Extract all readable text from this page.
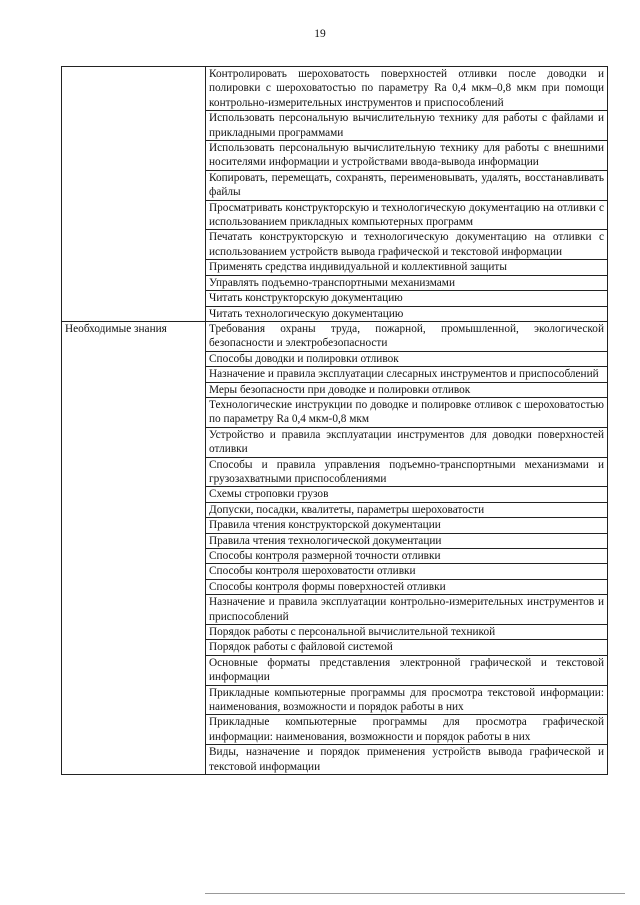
19

	Контролировать шероховатость поверхностей отливки после доводки и полировки с шероховатостью по параметру Ra 0,4 мкм–0,8 мкм при помощи контрольно-измерительных инструментов и приспособлений

	Использовать персональную вычислительную технику для работы с файлами и прикладными программами

	Использовать персональную вычислительную технику для работы с внешними носителями информации и устройствами ввода-вывода информации

	Копировать, перемещать, сохранять, переименовывать, удалять, восстанавливать файлы

	Просматривать конструкторскую и технологическую документацию на отливки с использованием прикладных компьютерных программ

	Печатать конструкторскую и технологическую документацию на отливки с использованием устройств вывода графической и текстовой информации

	Применять средства индивидуальной и коллективной защиты

	Управлять подъемно-транспортными механизмами

	Читать конструкторскую документацию

	Читать технологическую документацию

Необходимые знания	Требования охраны труда, пожарной, промышленной, экологической безопасности и электробезопасности

	Способы доводки и полировки отливок

	Назначение и правила эксплуатации слесарных инструментов и приспособлений

	Меры безопасности при доводке и полировки отливок

	Технологические инструкции по доводке и полировке отливок с шероховатостью по параметру Ra 0,4 мкм-0,8 мкм

	Устройство и правила эксплуатации инструментов для доводки поверхностей отливки

	Способы и правила управления подъемно-транспортными механизмами и грузозахватными приспособлениями

	Схемы строповки грузов

	Допуски, посадки, квалитеты, параметры шероховатости

	Правила чтения конструкторской документации

	Правила чтения технологической документации

	Способы контроля размерной точности отливки

	Способы контроля шероховатости отливки

	Способы контроля формы поверхностей отливки

	Назначение и правила эксплуатации контрольно-измерительных инструментов и приспособлений

	Порядок работы с персональной вычислительной техникой

	Порядок работы с файловой системой

	Основные форматы представления электронной графической и текстовой информации

	Прикладные компьютерные программы для просмотра текстовой информации: наименования, возможности и порядок работы в них

	Прикладные компьютерные программы для просмотра графической информации: наименования, возможности и порядок работы в них

	Виды, назначение и порядок применения устройств вывода графической и текстовой информации
